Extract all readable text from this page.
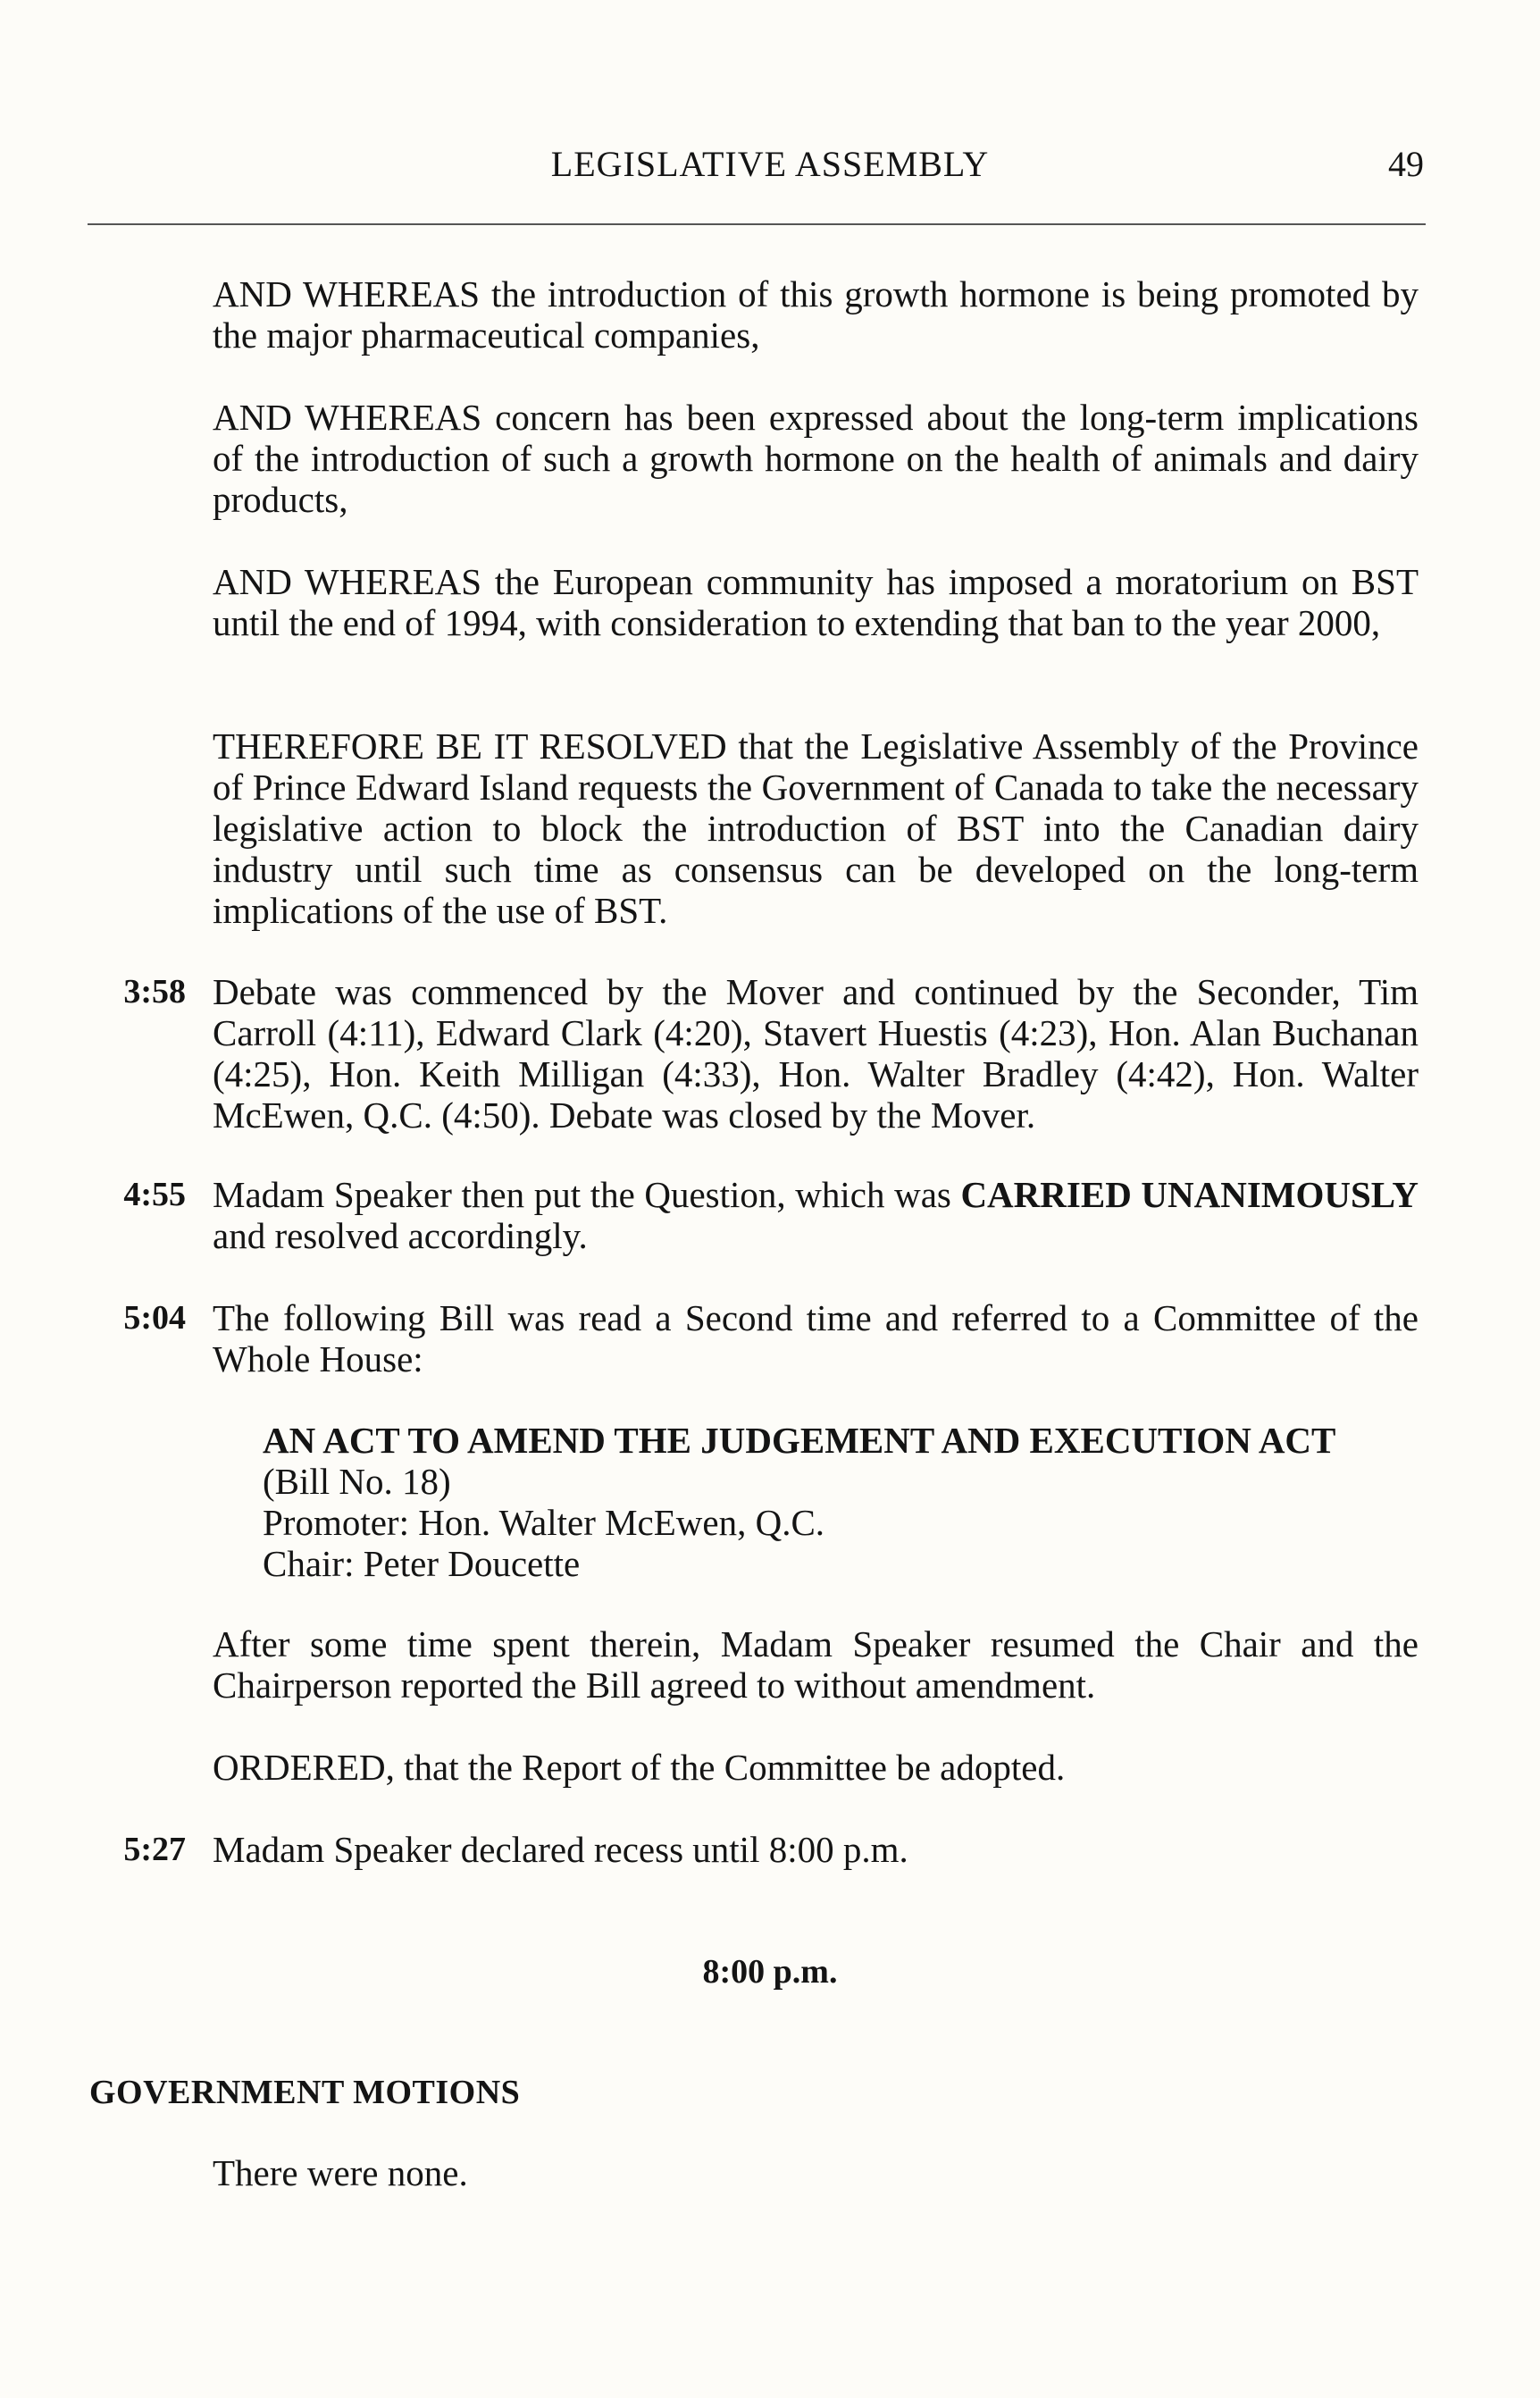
LEGISLATIVE ASSEMBLY	49
AND WHEREAS the introduction of this growth hormone is being promoted by the major pharmaceutical companies,
AND WHEREAS concern has been expressed about the long-term implications of the introduction of such a growth hormone on the health of animals and dairy products,
AND WHEREAS the European community has imposed a moratorium on BST until the end of 1994, with consideration to extending that ban to the year 2000,
THEREFORE BE IT RESOLVED that the Legislative Assembly of the Province of Prince Edward Island requests the Government of Canada to take the necessary legislative action to block the introduction of BST into the Canadian dairy industry until such time as consensus can be developed on the long-term implications of the use of BST.
3:58 Debate was commenced by the Mover and continued by the Seconder, Tim Carroll (4:11), Edward Clark (4:20), Stavert Huestis (4:23), Hon. Alan Buchanan (4:25), Hon. Keith Milligan (4:33), Hon. Walter Bradley (4:42), Hon. Walter McEwen, Q.C. (4:50). Debate was closed by the Mover.
4:55 Madam Speaker then put the Question, which was CARRIED UNANIMOUSLY and resolved accordingly.
5:04 The following Bill was read a Second time and referred to a Committee of the Whole House:
AN ACT TO AMEND THE JUDGEMENT AND EXECUTION ACT
(Bill No. 18)
Promoter: Hon. Walter McEwen, Q.C.
Chair: Peter Doucette
After some time spent therein, Madam Speaker resumed the Chair and the Chairperson reported the Bill agreed to without amendment.
ORDERED, that the Report of the Committee be adopted.
5:27 Madam Speaker declared recess until 8:00 p.m.
8:00 p.m.
GOVERNMENT MOTIONS
There were none.
